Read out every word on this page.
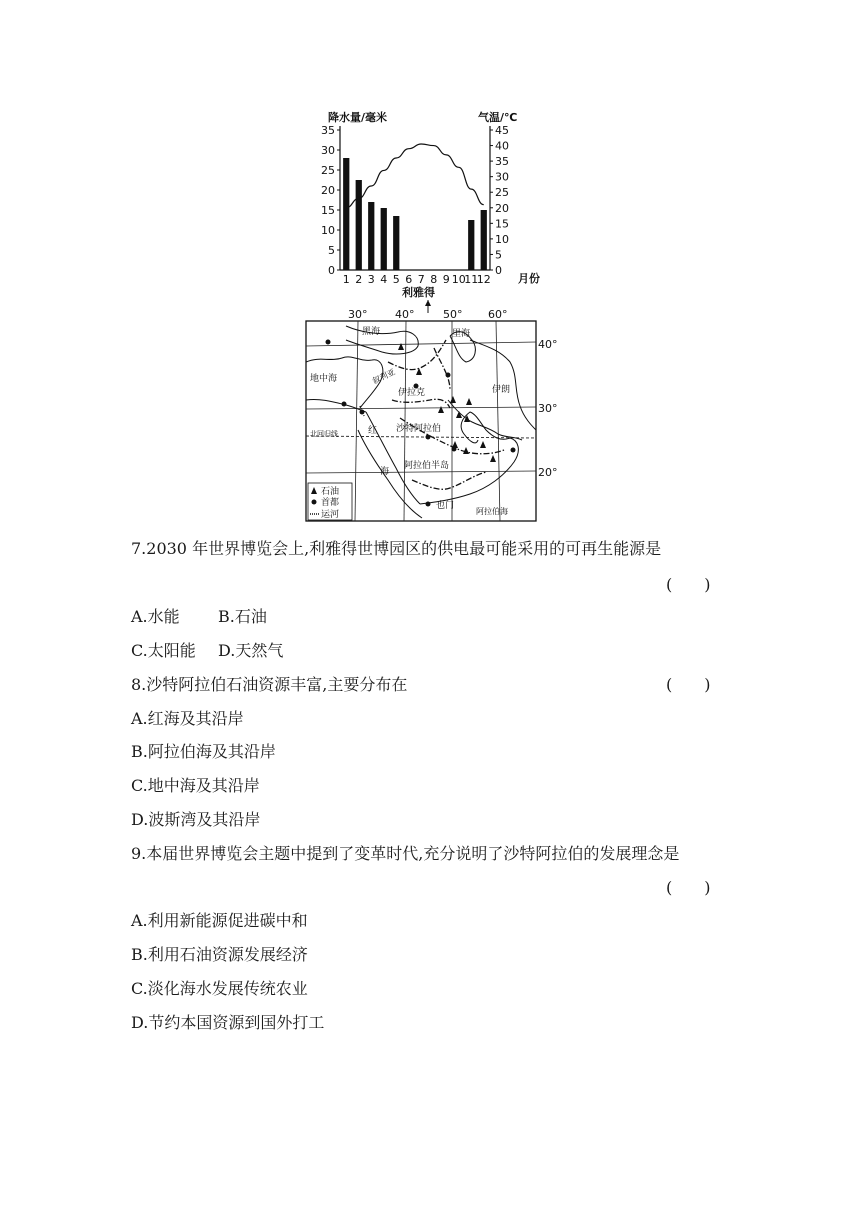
降水量/毫米	气温/℃
0
5
10
15
20
25
30
35
0
5
10
15
20
25
30
35
40
45
1 2 3 4 5 6 7 8 9 10
11
12 月份
利雅得
30°	40°	50° 60°
40°
30°
20°
黑海	里海
地中海	叙利亚
伊拉克	伊朗
北回归线	红
海
沙特阿拉伯
阿拉伯半岛
也门
阿拉伯海
石油
首都
运河
7.2030 年世界博览会上,利雅得世博园区的供电最可能采用的可再生能源是
(　　)
A.水能 B.石油
C.太阳能 D.天然气
8.沙特阿拉伯石油资源丰富,主要分布在	(　　)
A.红海及其沿岸
B.阿拉伯海及其沿岸
C.地中海及其沿岸
D.波斯湾及其沿岸
9.本届世界博览会主题中提到了变革时代,充分说明了沙特阿拉伯的发展理念是
(　　)
A.利用新能源促进碳中和
B.利用石油资源发展经济
C.淡化海水发展传统农业
D.节约本国资源到国外打工
